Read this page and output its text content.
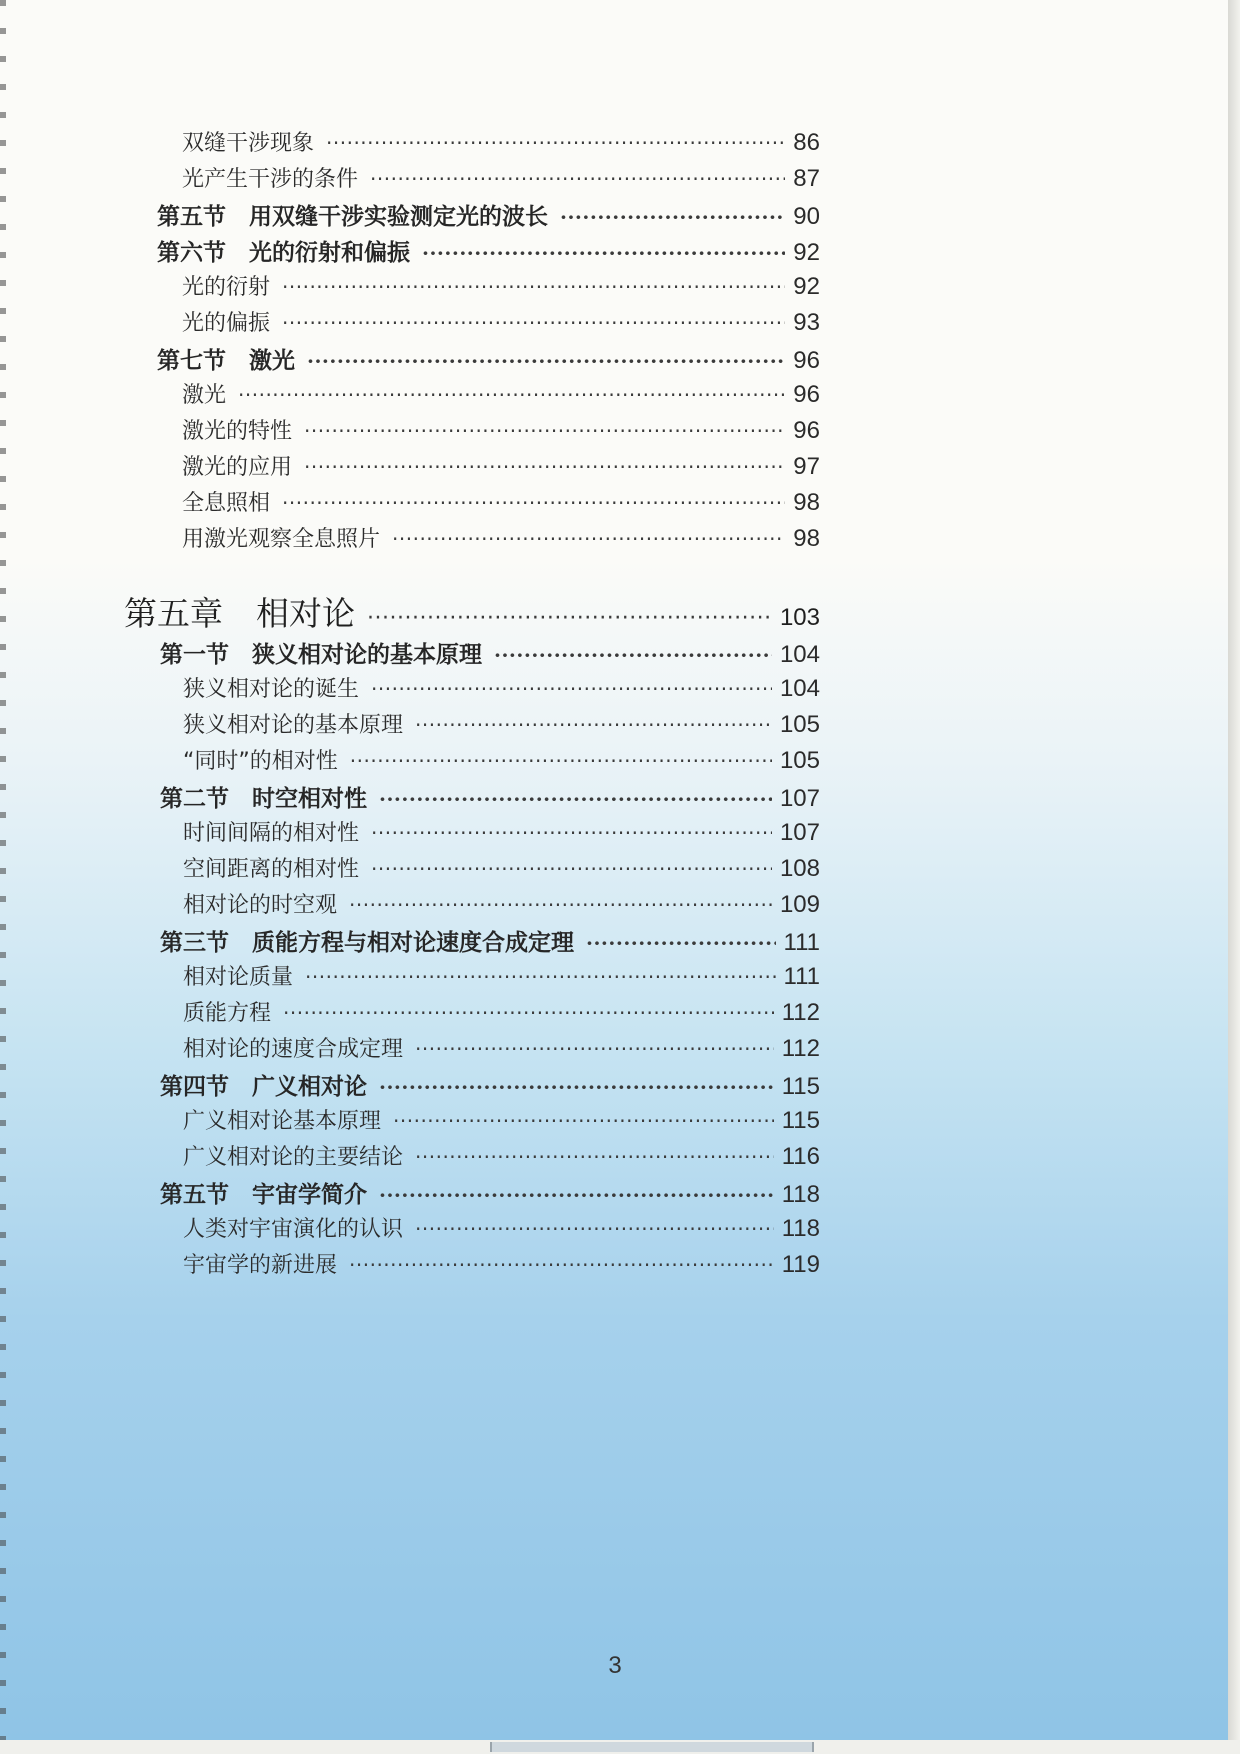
双缝干涉现象 ·····	86
光产生干涉的条件 ·····	87
第五节　用双缝干涉实验测定光的波长 ·····	90
第六节　光的衍射和偏振 ·····	92
光的衍射 ·····	92
光的偏振 ·····	93
第七节　激光 ·····	96
激光 ·····	96
激光的特性 ·····	96
激光的应用 ·····	97
全息照相 ·····	98
用激光观察全息照片 ·····	98
第五章　相对论 ·····	103
第一节　狭义相对论的基本原理 ·····	104
狭义相对论的诞生 ·····	104
狭义相对论的基本原理 ·····	105
“同时”的相对性 ·····	105
第二节　时空相对性 ·····	107
时间间隔的相对性 ·····	107
空间距离的相对性 ·····	108
相对论的时空观 ·····	109
第三节　质能方程与相对论速度合成定理 ·····	111
相对论质量 ·····	111
质能方程 ·····	112
相对论的速度合成定理 ·····	112
第四节　广义相对论 ·····	115
广义相对论基本原理 ·····	115
广义相对论的主要结论 ·····	116
第五节　宇宙学简介 ·····	118
人类对宇宙演化的认识 ·····	118
宇宙学的新进展 ·····	119
3
